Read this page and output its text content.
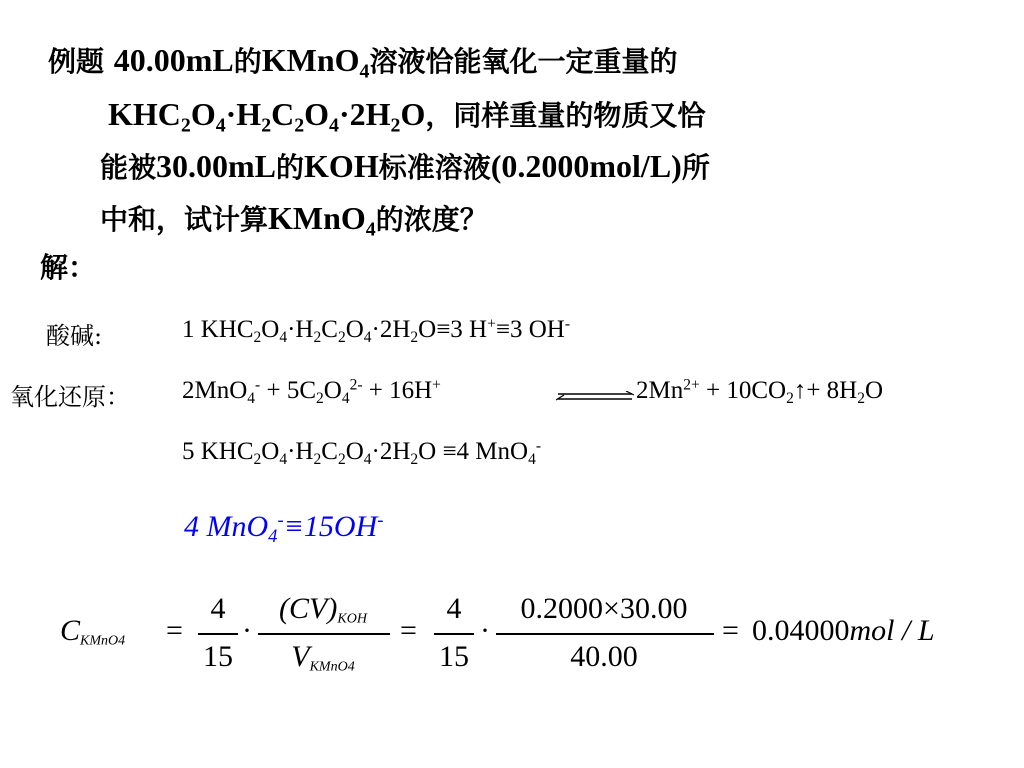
例题 40.00mL的KMnO$_4$溶液恰能氧化一定重量的
$KHC_2O_4\cdot H_2C_2O_4\cdot 2H_2O$，同样重量的物质又恰
能被30.00mL的KOH标准溶液(0.2000mol/L)所
中和，试计算KMnO$_4$的浓度？
解：
酸碱:	1 $KHC_2O_4\cdot H_2C_2O_4\cdot 2H_2O\equiv 3$ H+≡3 OH-
氧化还原： $2MnO_4^- + 5C_2O_4^{2-} + 16H^+$	$2Mn^{2+}$ + $10CO_2↑+ 8H_2O$
5 $KHC_2O_4\cdot H_2C_2O_4\cdot 2H_2O \equiv 4$ MnO$_4$-
4 MnO$_4$-≡15OH-
$C_{KMnO4}$ =
4
15
·
$(CV)_{KOH}$
$V_{KMnO4}$
=
4
15
·
0.2000×30.00
40.00
= 0.04000mol / L
